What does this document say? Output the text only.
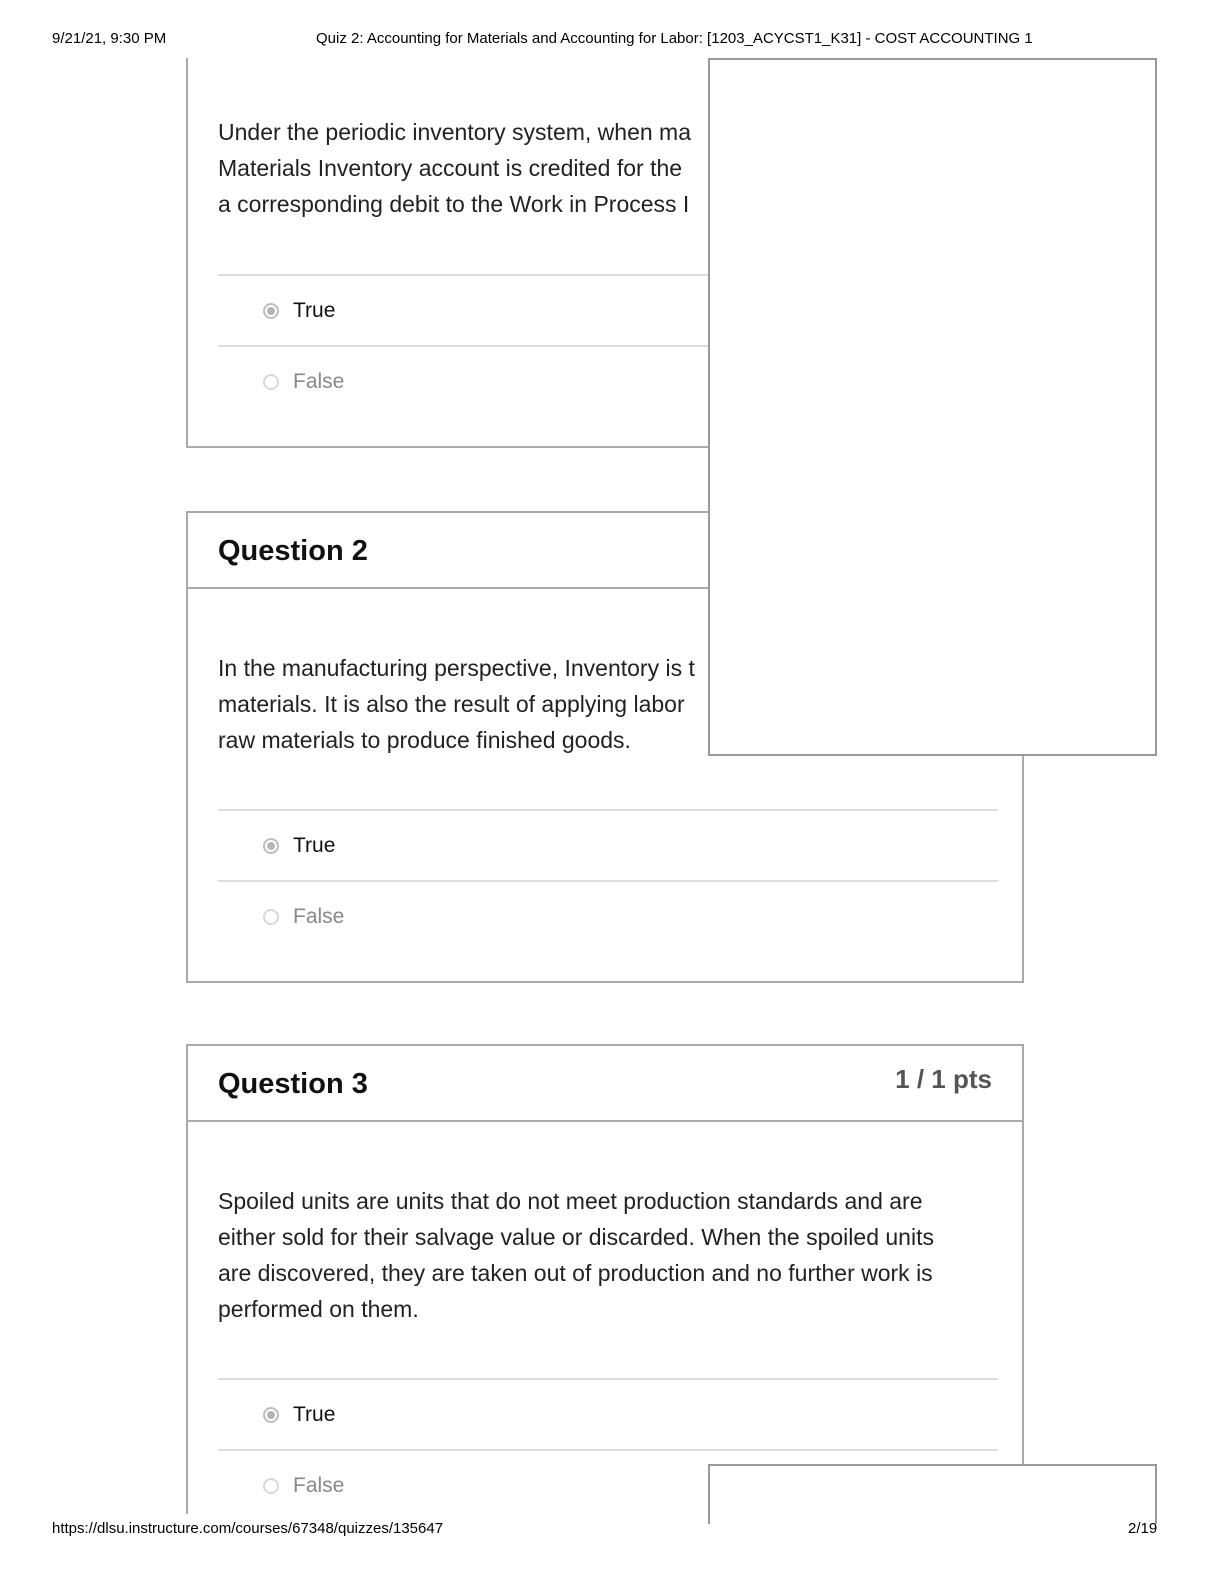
9/21/21, 9:30 PM	Quiz 2: Accounting for Materials and Accounting for Labor: [1203_ACYCST1_K31] - COST ACCOUNTING 1
Under the periodic inventory system, when ma
Materials Inventory account is credited for the
a corresponding debit to the Work in Process I
True
False
Question 2
In the manufacturing perspective, Inventory is t
materials. It is also the result of applying labor
raw materials to produce finished goods.
True
False
Question 3	1 / 1 pts
Spoiled units are units that do not meet production standards and are
either sold for their salvage value or discarded. When the spoiled units
are discovered, they are taken out of production and no further work is
performed on them.
True
False
https://dlsu.instructure.com/courses/67348/quizzes/135647	2/19
